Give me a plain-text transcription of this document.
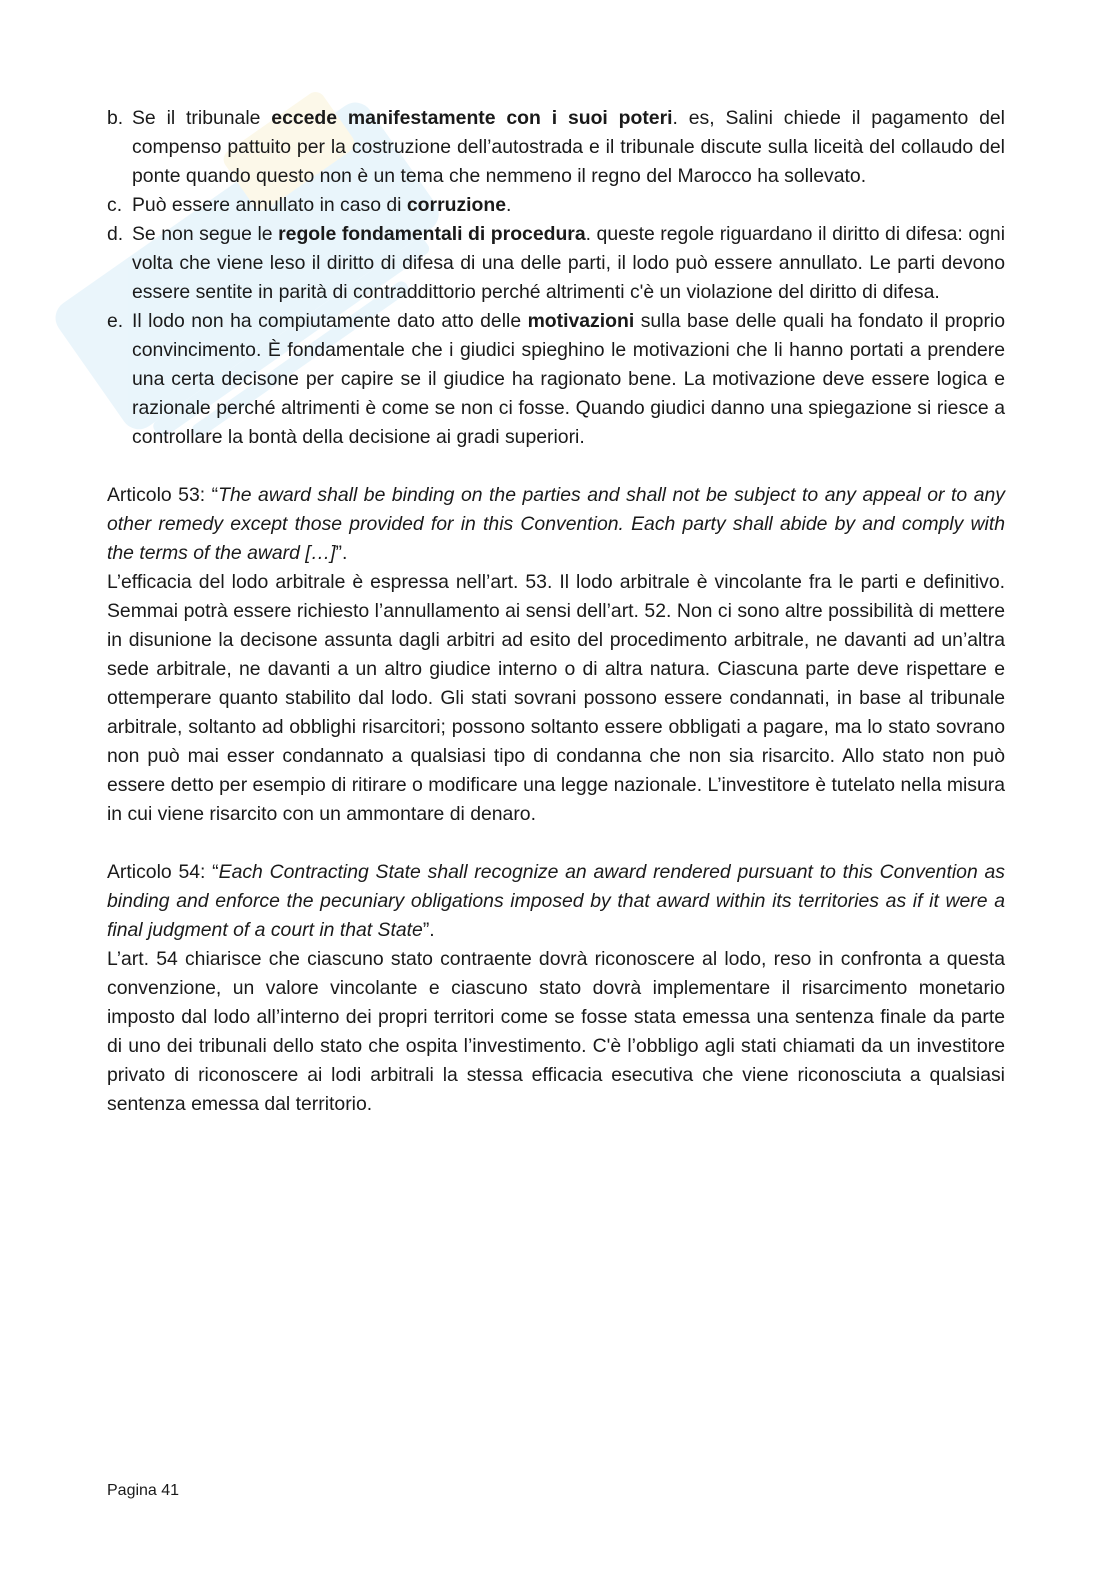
b. Se il tribunale eccede manifestamente con i suoi poteri. es, Salini chiede il pagamento del compenso pattuito per la costruzione dell’autostrada e il tribunale discute sulla liceità del collaudo del ponte quando questo non è un tema che nemmeno il regno del Marocco ha sollevato.
c. Può essere annullato in caso di corruzione.
d. Se non segue le regole fondamentali di procedura. queste regole riguardano il diritto di difesa: ogni volta che viene leso il diritto di difesa di una delle parti, il lodo può essere annullato. Le parti devono essere sentite in parità di contraddittorio perché altrimenti c'è un violazione del diritto di difesa.
e. Il lodo non ha compiutamente dato atto delle motivazioni sulla base delle quali ha fondato il proprio convincimento. È fondamentale che i giudici spieghino le motivazioni che li hanno portati a prendere una certa decisone per capire se il giudice ha ragionato bene. La motivazione deve essere logica e razionale perché altrimenti è come se non ci fosse. Quando giudici danno una spiegazione si riesce a controllare la bontà della decisione ai gradi superiori.

Articolo 53: “The award shall be binding on the parties and shall not be subject to any appeal or to any other remedy except those provided for in this Convention. Each party shall abide by and comply with the terms of the award […]”.

L’efficacia del lodo arbitrale è espressa nell’art. 53. Il lodo arbitrale è vincolante fra le parti e definitivo. Semmai potrà essere richiesto l’annullamento ai sensi dell’art. 52. Non ci sono altre possibilità di mettere in disunione la decisone assunta dagli arbitri ad esito del procedimento arbitrale, ne davanti ad un’altra sede arbitrale, ne davanti a un altro giudice interno o di altra natura. Ciascuna parte deve rispettare e ottemperare quanto stabilito dal lodo. Gli stati sovrani possono essere condannati, in base al tribunale arbitrale, soltanto ad obblighi risarcitori; possono soltanto essere obbligati a pagare, ma lo stato sovrano non può mai esser condannato a qualsiasi tipo di condanna che non sia risarcito. Allo stato non può essere detto per esempio di ritirare o modificare una legge nazionale. L’investitore è tutelato nella misura in cui viene risarcito con un ammontare di denaro.

Articolo 54: “Each Contracting State shall recognize an award rendered pursuant to this Convention as binding and enforce the pecuniary obligations imposed by that award within its territories as if it were a final judgment of a court in that State”.

L’art. 54 chiarisce che ciascuno stato contraente dovrà riconoscere al lodo, reso in confronta a questa convenzione, un valore vincolante e ciascuno stato dovrà implementare il risarcimento monetario imposto dal lodo all’interno dei propri territori come se fosse stata emessa una sentenza finale da parte di uno dei tribunali dello stato che ospita l’investimento. C'è l’obbligo agli stati chiamati da un investitore privato di riconoscere ai lodi arbitrali la stessa efficacia esecutiva che viene riconosciuta a qualsiasi sentenza emessa dal territorio.

Pagina 41
